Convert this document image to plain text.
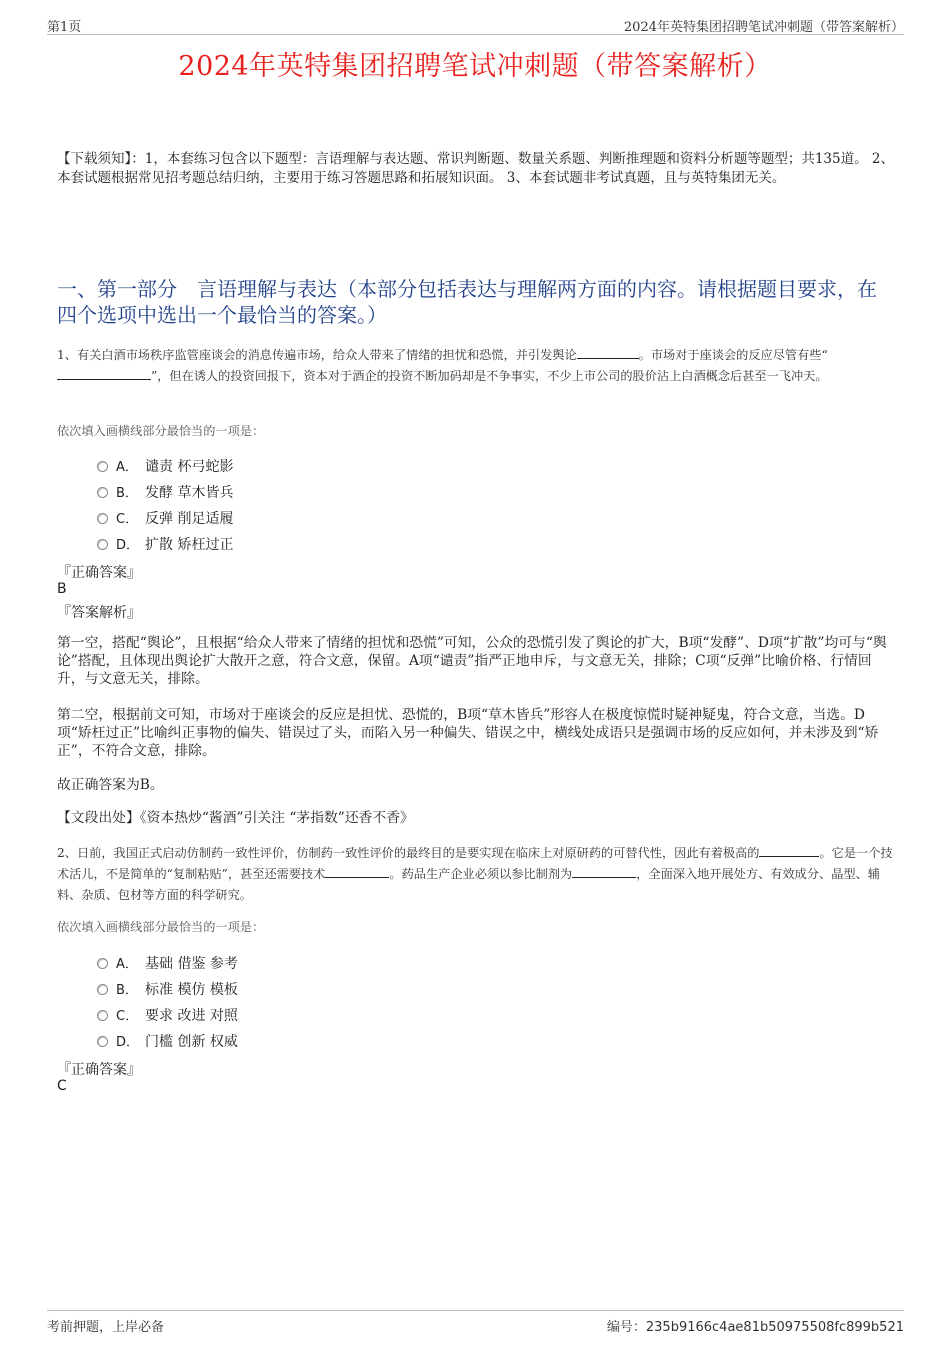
第1页	2024年英特集团招聘笔试冲刺题（带答案解析）
2024年英特集团招聘笔试冲刺题（带答案解析）
【下载须知】：1，本套练习包含以下题型：言语理解与表达题、常识判断题、数量关系题、判断推理题和资料分析题等题型；共135道。 2、本套试题根据常见招考题总结归纳，主要用于练习答题思路和拓展知识面。 3、本套试题非考试真题，且与英特集团无关。
一、第一部分　言语理解与表达（本部分包括表达与理解两方面的内容。请根据题目要求，在四个选项中选出一个最恰当的答案。）
1、有关白酒市场秩序监管座谈会的消息传遍市场，给众人带来了情绪的担忧和恐慌，并引发舆论	。市场对于座谈会的反应尽管有些“”，但在诱人的投资回报下，资本对于酒企的投资不断加码却是不争事实，不少上市公司的股价沾上白酒概念后甚至一飞冲天。
依次填入画横线部分最恰当的一项是：
A． 谴责 杯弓蛇影
B． 发酵 草木皆兵
C． 反弹 削足适履
D． 扩散 矫枉过正
『正确答案』
B
『答案解析』
第一空，搭配“舆论”，且根据“给众人带来了情绪的担忧和恐慌”可知，公众的恐慌引发了舆论的扩大，B项“发酵”、D项“扩散”均可与“舆论”搭配，且体现出舆论扩大散开之意，符合文意，保留。A项“谴责”指严正地申斥，与文意无关，排除；C项“反弹”比喻价格、行情回升，与文意无关，排除。
第二空，根据前文可知，市场对于座谈会的反应是担忧、恐慌的，B项“草木皆兵”形容人在极度惊慌时疑神疑鬼，符合文意，当选。D项“矫枉过正”比喻纠正事物的偏失、错误过了头，而陷入另一种偏失、错误之中，横线处成语只是强调市场的反应如何，并未涉及到“矫正”，不符合文意，排除。
故正确答案为B。
【文段出处】《资本热炒“酱酒”引关注 “茅指数”还香不香》
2、日前，我国正式启动仿制药一致性评价，仿制药一致性评价的最终目的是要实现在临床上对原研药的可替代性，因此有着极高的	。它是一个技术活儿，不是简单的“复制粘贴”，甚至还需要技术	。药品生产企业必须以参比制剂为	，全面深入地开展处方、有效成分、晶型、辅料、杂质、包材等方面的科学研究。
依次填入画横线部分最恰当的一项是：
A． 基础 借鉴 参考
B． 标准 模仿 模板
C． 要求 改进 对照
D． 门槛 创新 权威
『正确答案』
C
考前押题，上岸必备	编号：235b9166c4ae81b50975508fc899b521
